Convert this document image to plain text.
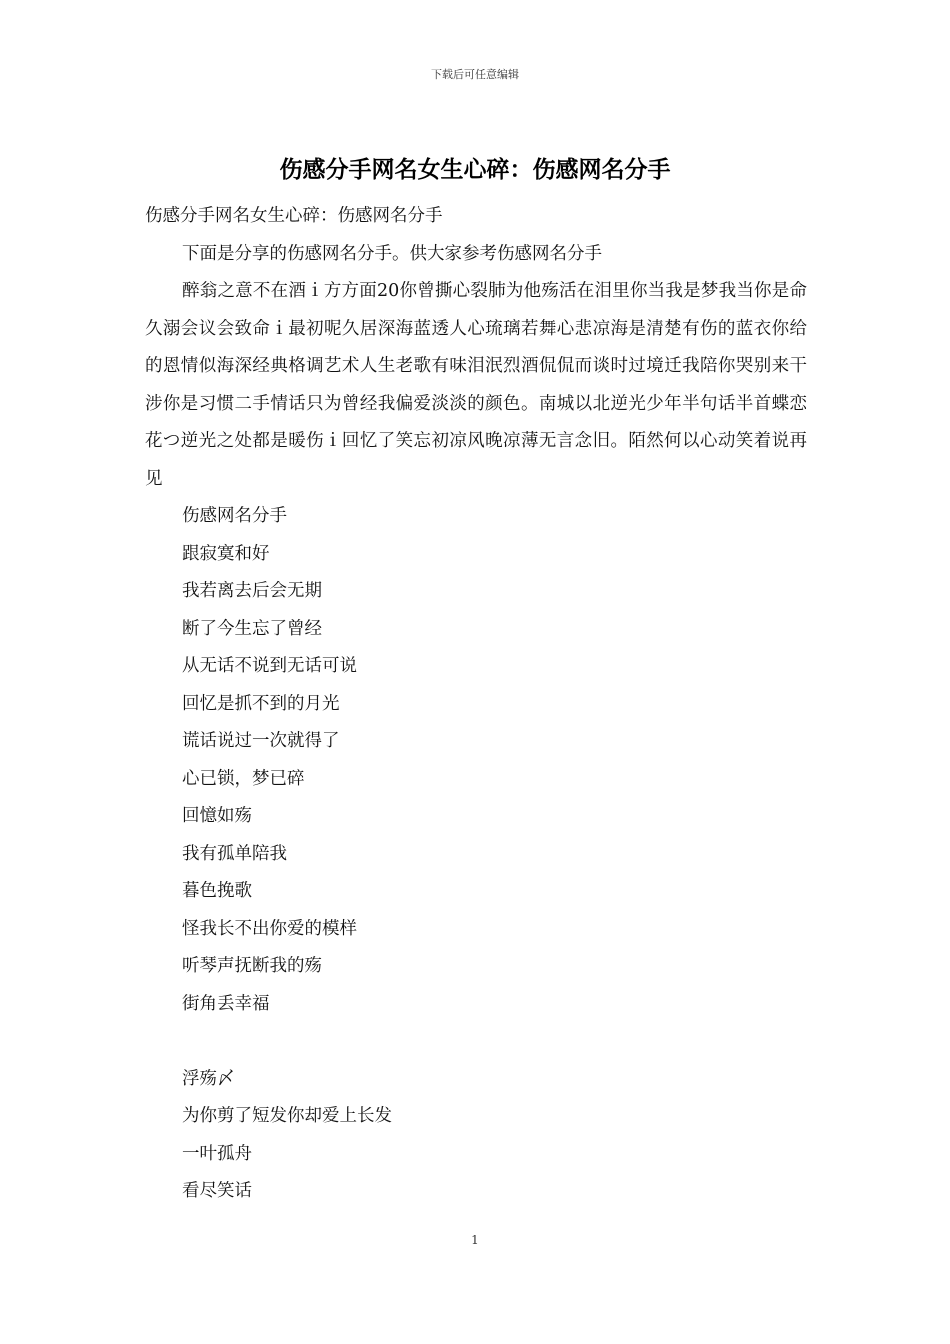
下载后可任意编辑
伤感分手网名女生心碎：伤感网名分手

伤感分手网名女生心碎：伤感网名分手

下面是分享的伤感网名分手。供大家参考伤感网名分手

醉翁之意不在酒ｉ方方面20你曾撕心裂肺为他殇活在泪里你当我是梦我当你是命久溺会议会致命ｉ最初呢久居深海蓝透人心琉璃若舞心悲凉海是清楚有伤的蓝衣你给的恩情似海深经典格调艺术人生老歌有味泪泯烈酒侃侃而谈时过境迁我陪你哭别来干涉你是习惯二手情话只为曾经我偏爱淡淡的颜色。南城以北逆光少年半句话半首蝶恋花つ逆光之处都是暖伤ｉ回忆了笑忘初凉风晚凉薄无言念旧。陌然何以心动笑着说再见

伤感网名分手

跟寂寞和好

我若离去后会无期

断了今生忘了曾经

从无话不说到无话可说

回忆是抓不到的月光

谎话说过一次就得了

心已锁，梦已碎

回憶如殇

我有孤单陪我

暮色挽歌

怪我长不出你爱的模样

听琴声抚断我的殇

街角丢幸福

浮殇〆

为你剪了短发你却爱上长发

一叶孤舟

看尽笑话

1
